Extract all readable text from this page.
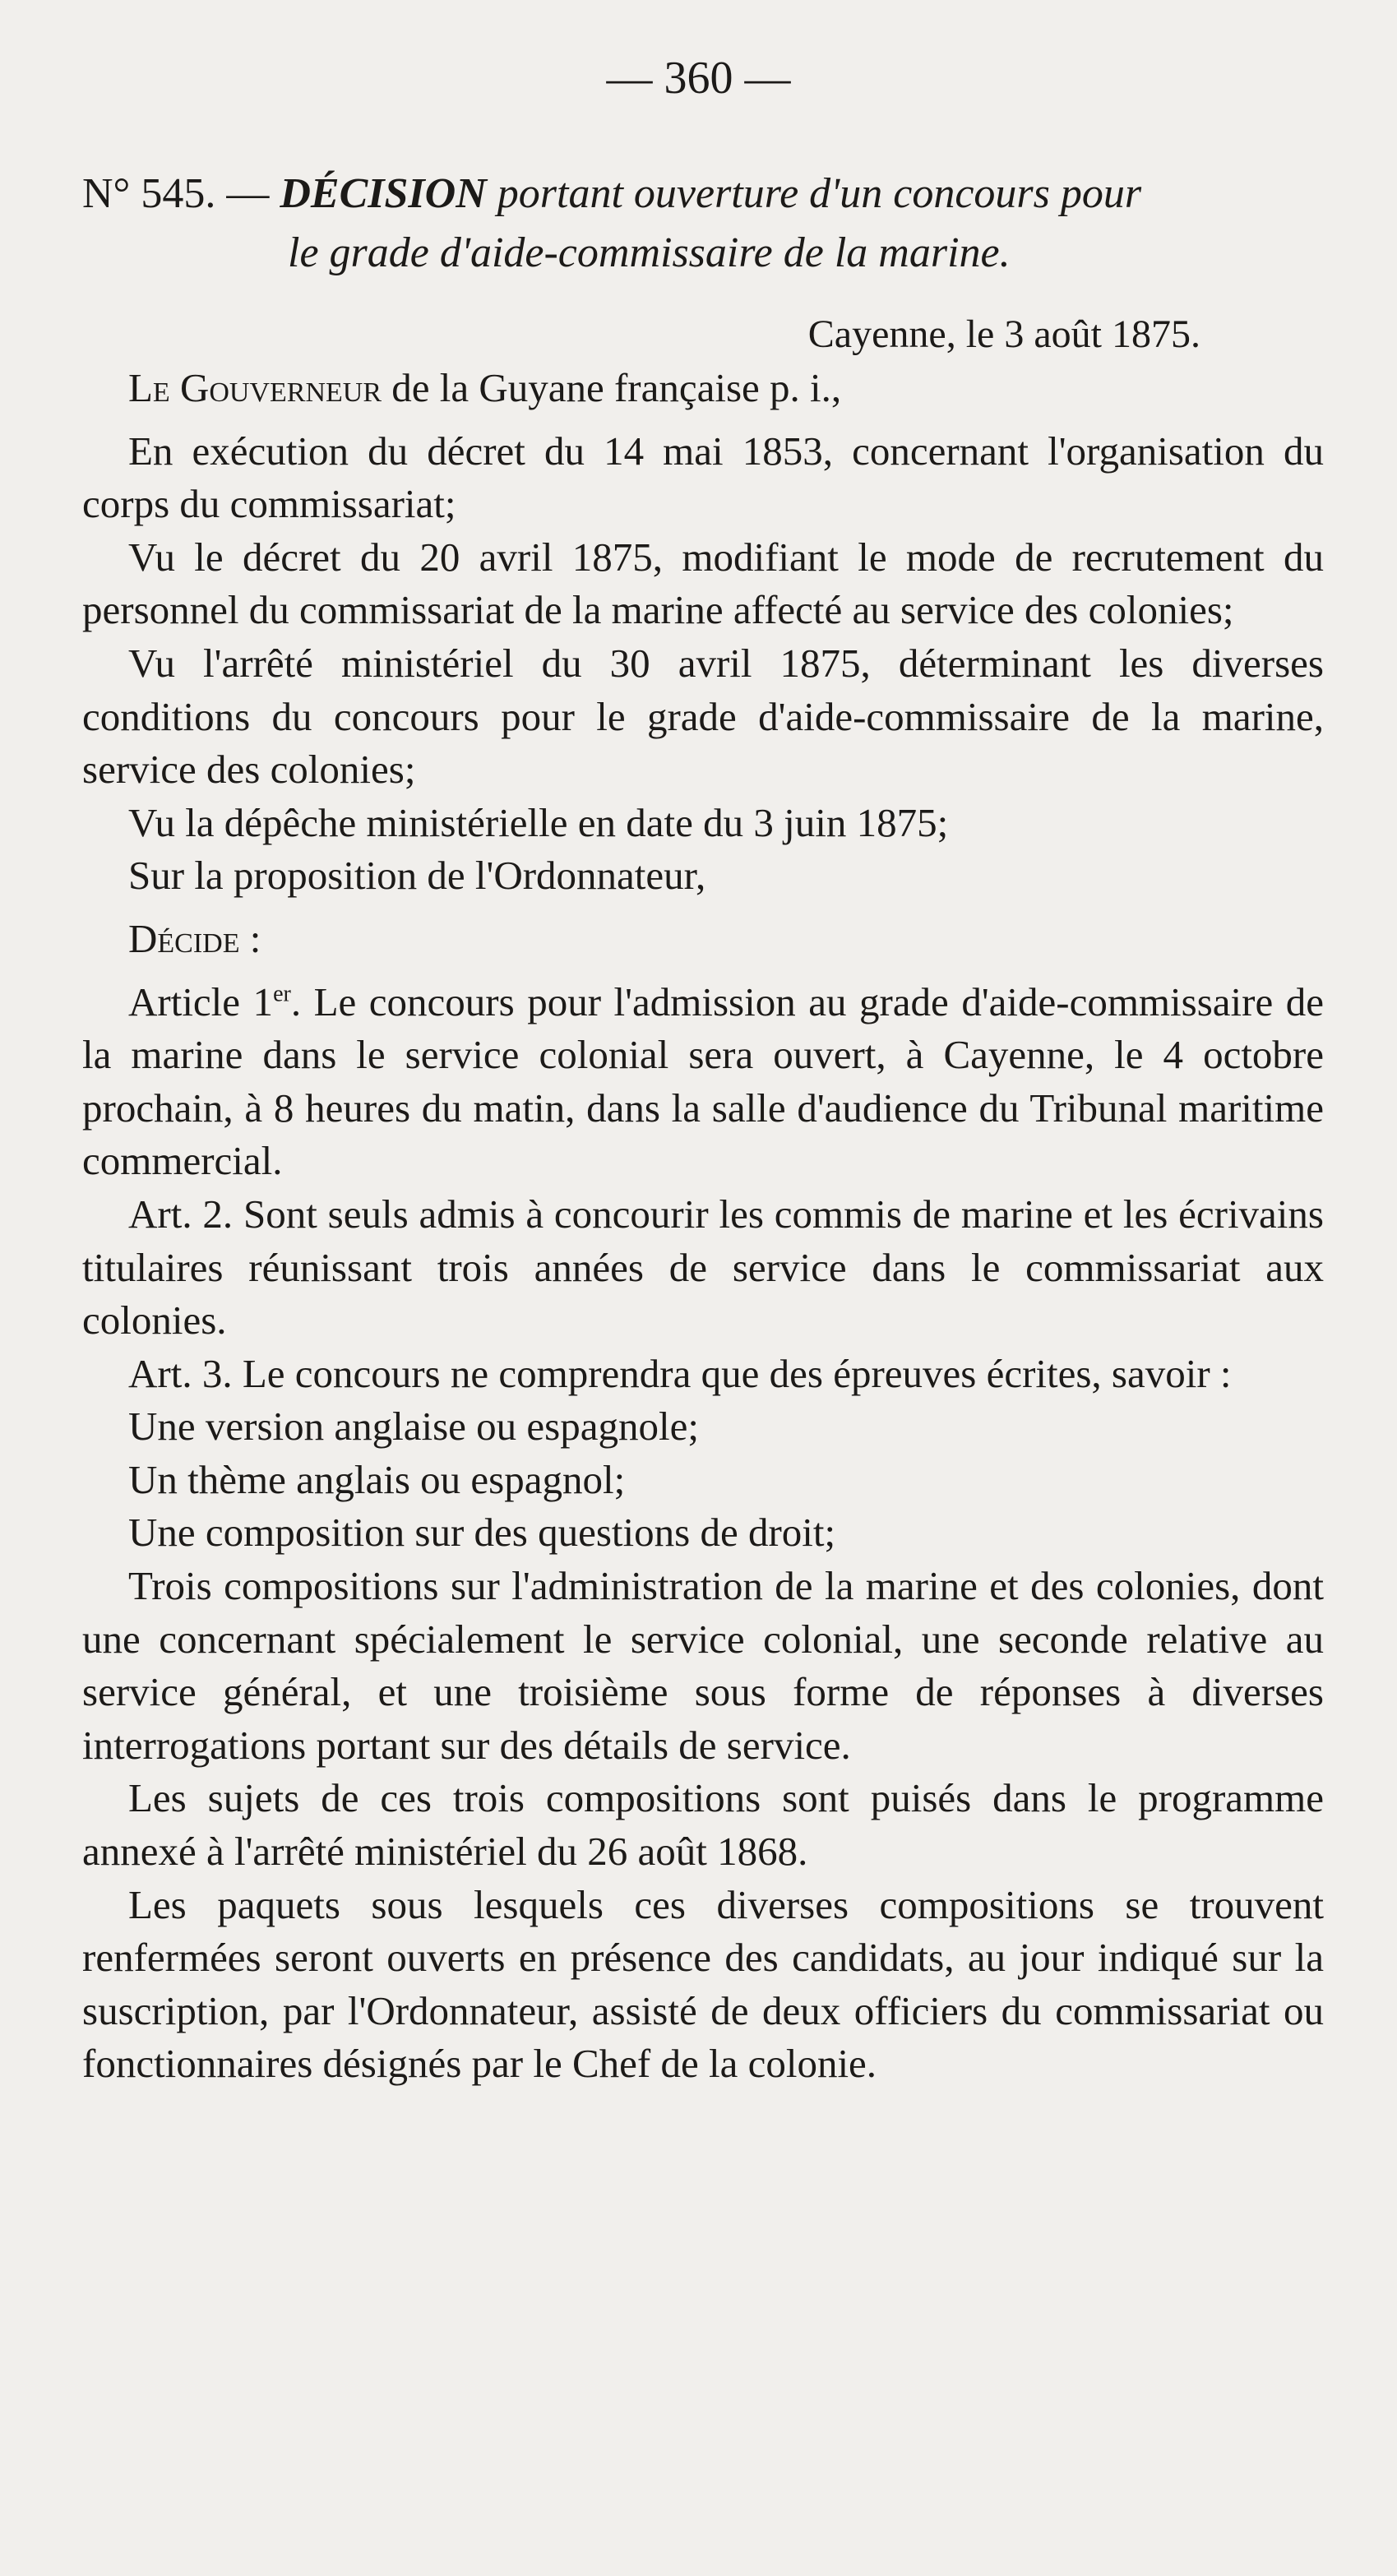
— 360 —
N° 545. — DÉCISION portant ouverture d'un concours pour
le grade d'aide-commissaire de la marine.
Cayenne, le 3 août 1875.

Le Gouverneur de la Guyane française p. i.,

En exécution du décret du 14 mai 1853, concernant l'organisation du corps du commissariat;

Vu le décret du 20 avril 1875, modifiant le mode de recrutement du personnel du commissariat de la marine affecté au service des colonies;

Vu l'arrêté ministériel du 30 avril 1875, déterminant les diverses conditions du concours pour le grade d'aide-commissaire de la marine, service des colonies;

Vu la dépêche ministérielle en date du 3 juin 1875;

Sur la proposition de l'Ordonnateur,

Décide :

Article 1er. Le concours pour l'admission au grade d'aide-commissaire de la marine dans le service colonial sera ouvert, à Cayenne, le 4 octobre prochain, à 8 heures du matin, dans la salle d'audience du Tribunal maritime commercial.

Art. 2. Sont seuls admis à concourir les commis de marine et les écrivains titulaires réunissant trois années de service dans le commissariat aux colonies.

Art. 3. Le concours ne comprendra que des épreuves écrites, savoir :

Une version anglaise ou espagnole;

Un thème anglais ou espagnol;

Une composition sur des questions de droit;

Trois compositions sur l'administration de la marine et des colonies, dont une concernant spécialement le service colonial, une seconde relative au service général, et une troisième sous forme de réponses à diverses interrogations portant sur des détails de service.

Les sujets de ces trois compositions sont puisés dans le programme annexé à l'arrêté ministériel du 26 août 1868.

Les paquets sous lesquels ces diverses compositions se trouvent renfermées seront ouverts en présence des candidats, au jour indiqué sur la suscription, par l'Ordonnateur, assisté de deux officiers du commissariat ou fonctionnaires désignés par le Chef de la colonie.
